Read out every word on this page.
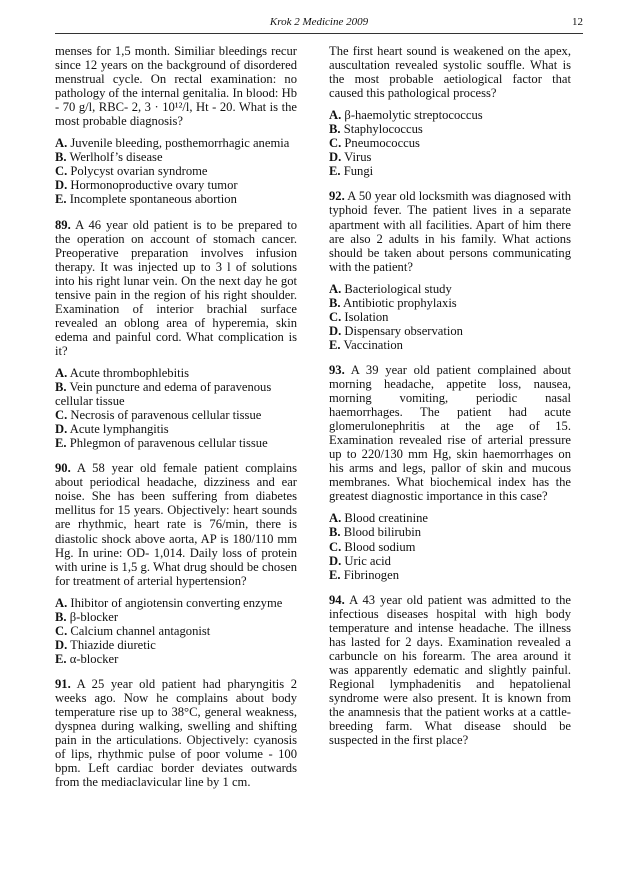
Krok 2 Medicine 2009	12

menses for 1,5 month. Similiar bleedings recur since 12 years on the background of disordered menstrual cycle. On rectal examination: no pathology of the internal genitalia. In blood: Hb - 70 g/l, RBC- 2, 3 · 10¹²/l, Ht - 20. What is the most probable diagnosis?

A. Juvenile bleeding, posthemorrhagic anemia
B. Werlholf’s disease
C. Polycyst ovarian syndrome
D. Hormonoproductive ovary tumor
E. Incomplete spontaneous abortion

89. A 46 year old patient is to be prepared to the operation on account of stomach cancer. Preoperative preparation involves infusion therapy. It was injected up to 3 l of solutions into his right lunar vein. On the next day he got tensive pain in the region of his right shoulder. Examination of interior brachial surface revealed an oblong area of hyperemia, skin edema and painful cord. What complication is it?

A. Acute thrombophlebitis
B. Vein puncture and edema of paravenous cellular tissue
C. Necrosis of paravenous cellular tissue
D. Acute lymphangitis
E. Phlegmon of paravenous cellular tissue

90. A 58 year old female patient complains about periodical headache, dizziness and ear noise. She has been suffering from diabetes mellitus for 15 years. Objectively: heart sounds are rhythmic, heart rate is 76/min, there is diastolic shock above aorta, AP is 180/110 mm Hg. In urine: OD- 1,014. Daily loss of protein with urine is 1,5 g. What drug should be chosen for treatment of arterial hypertension?

A. Ihibitor of angiotensin converting enzyme
B. β-blocker
C. Calcium channel antagonist
D. Thiazide diuretic
E. α-blocker

91. A 25 year old patient had pharyngitis 2 weeks ago. Now he complains about body temperature rise up to 38°C, general weakness, dyspnea during walking, swelling and shifting pain in the articulations. Objectively: cyanosis of lips, rhythmic pulse of poor volume - 100 bpm. Left cardiac border deviates outwards from the mediaclavicular line by 1 cm.

The first heart sound is weakened on the apex, auscultation revealed systolic souffle. What is the most probable aetiological factor that caused this pathological process?

A. β-haemolytic streptococcus
B. Staphylococcus
C. Pneumococcus
D. Virus
E. Fungi

92. A 50 year old locksmith was diagnosed with typhoid fever. The patient lives in a separate apartment with all facilities. Apart of him there are also 2 adults in his family. What actions should be taken about persons communicating with the patient?

A. Bacteriological study
B. Antibiotic prophylaxis
C. Isolation
D. Dispensary observation
E. Vaccination

93. A 39 year old patient complained about morning headache, appetite loss, nausea, morning vomiting, periodic nasal haemorrhages. The patient had acute glomerulonephritis at the age of 15. Examination revealed rise of arterial pressure up to 220/130 mm Hg, skin haemorrhages on his arms and legs, pallor of skin and mucous membranes. What biochemical index has the greatest diagnostic importance in this case?

A. Blood creatinine
B. Blood bilirubin
C. Blood sodium
D. Uric acid
E. Fibrinogen

94. A 43 year old patient was admitted to the infectious diseases hospital with high body temperature and intense headache. The illness has lasted for 2 days. Examination revealed a carbuncle on his forearm. The area around it was apparently edematic and slightly painful. Regional lymphadenitis and hepatolienal syndrome were also present. It is known from the anamnesis that the patient works at a cattle-breeding farm. What disease should be suspected in the first place?
